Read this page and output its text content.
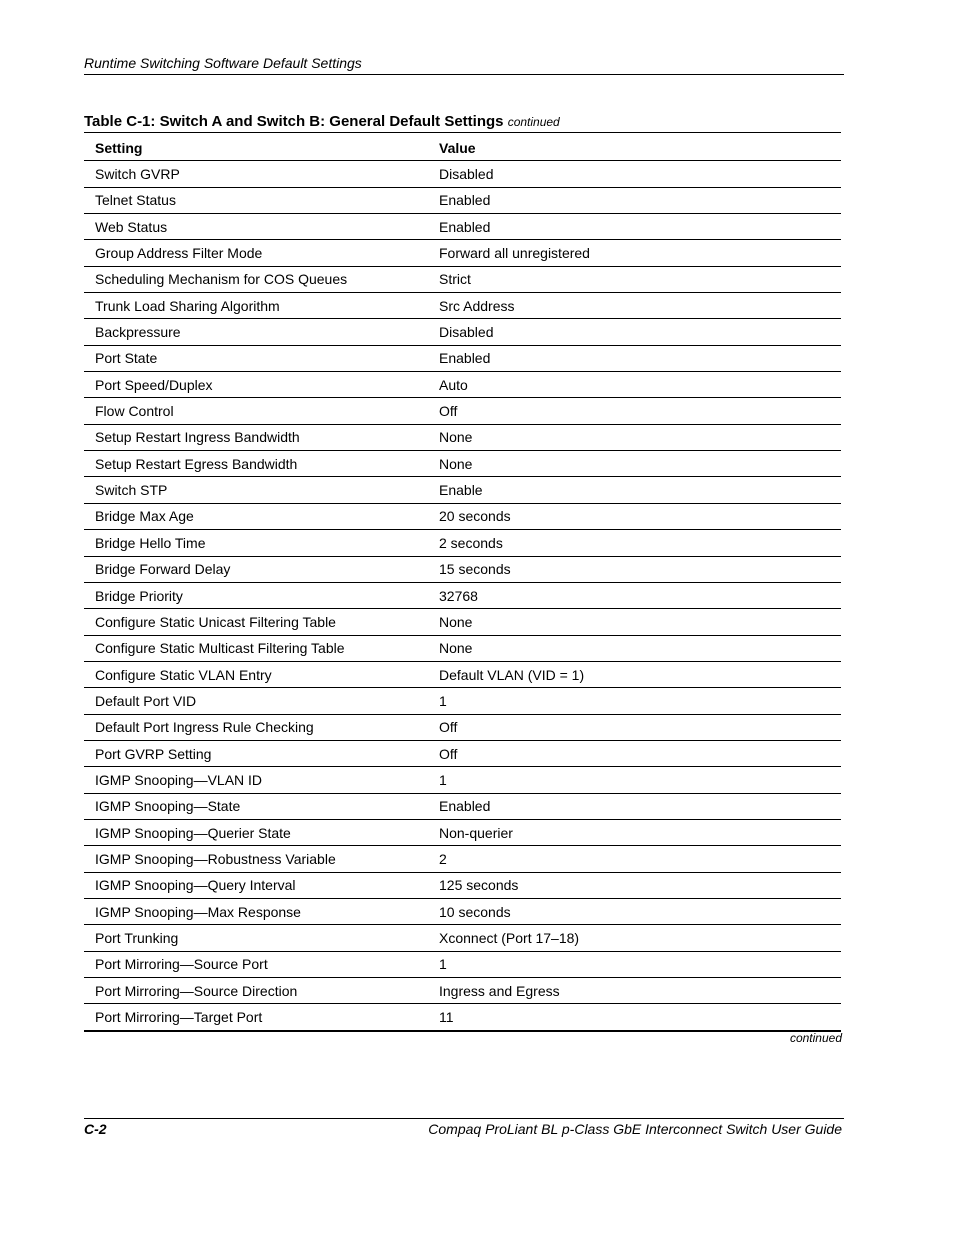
Runtime Switching Software Default Settings
Table C-1: Switch A and Switch B: General Default Settings continued
Setting	Value
Switch GVRP	Disabled
Telnet Status	Enabled
Web Status	Enabled
Group Address Filter Mode	Forward all unregistered
Scheduling Mechanism for COS Queues	Strict
Trunk Load Sharing Algorithm	Src Address
Backpressure	Disabled
Port State	Enabled
Port Speed/Duplex	Auto
Flow Control	Off
Setup Restart Ingress Bandwidth	None
Setup Restart Egress Bandwidth	None
Switch STP	Enable
Bridge Max Age	20 seconds
Bridge Hello Time	2 seconds
Bridge Forward Delay	15 seconds
Bridge Priority	32768
Configure Static Unicast Filtering Table	None
Configure Static Multicast Filtering Table	None
Configure Static VLAN Entry	Default VLAN (VID = 1)
Default Port VID	1
Default Port Ingress Rule Checking	Off
Port GVRP Setting	Off
IGMP Snooping—VLAN ID	1
IGMP Snooping—State	Enabled
IGMP Snooping—Querier State	Non-querier
IGMP Snooping—Robustness Variable	2
IGMP Snooping—Query Interval	125 seconds
IGMP Snooping—Max Response	10 seconds
Port Trunking	Xconnect (Port 17–18)
Port Mirroring—Source Port	1
Port Mirroring—Source Direction	Ingress and Egress
Port Mirroring—Target Port	11
continued
C-2	Compaq ProLiant BL p-Class GbE Interconnect Switch User Guide
